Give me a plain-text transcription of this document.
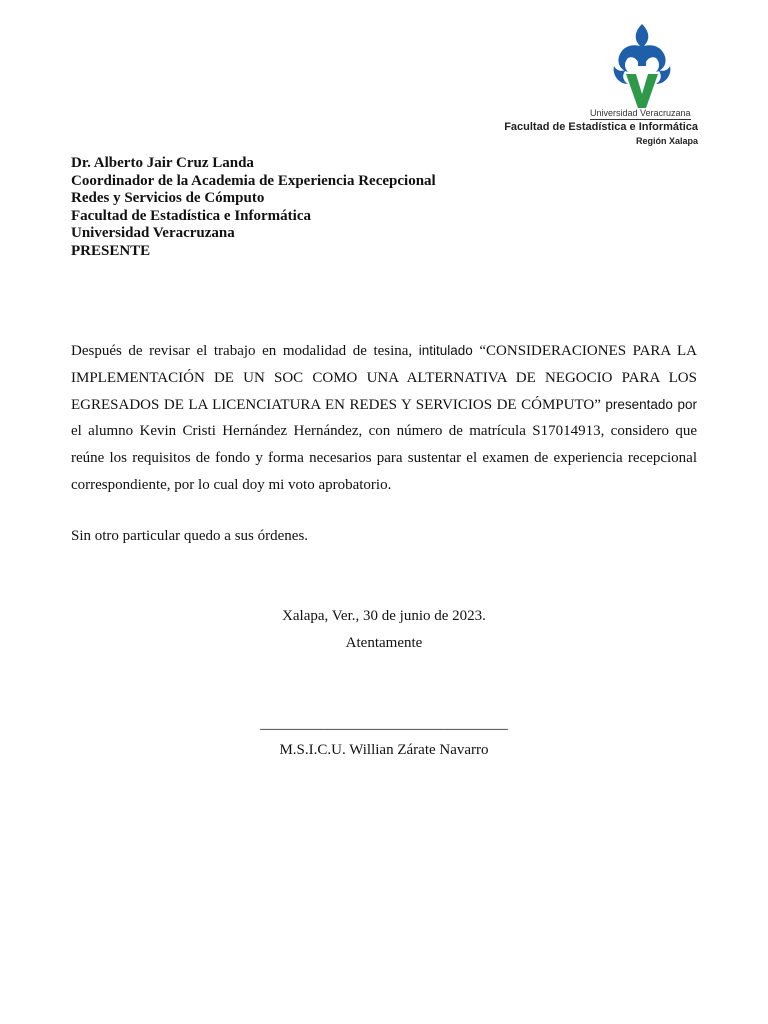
Universidad Veracruzana
Facultad de Estadística e Informática
Región Xalapa
Dr. Alberto Jair Cruz Landa
Coordinador de la Academia de Experiencia Recepcional
Redes y Servicios de Cómputo
Facultad de Estadística e Informática
Universidad Veracruzana
PRESENTE
Después de revisar el trabajo en modalidad de tesina, intitulado “CONSIDERACIONES PARA LA
IMPLEMENTACIÓN DE UN SOC COMO UNA ALTERNATIVA DE NEGOCIO PARA LOS
EGRESADOS DE LA LICENCIATURA EN REDES Y SERVICIOS DE CÓMPUTO” presentado por
el alumno Kevin Cristi Hernández Hernández, con número de matrícula S17014913, considero que
reúne los requisitos de fondo y forma necesarios para sustentar el examen de experiencia recepcional
correspondiente, por lo cual doy mi voto aprobatorio.
Sin otro particular quedo a sus órdenes.
Xalapa, Ver., 30 de junio de 2023.
Atentamente
_________________________________
M.S.I.C.U. Willian Zárate Navarro
